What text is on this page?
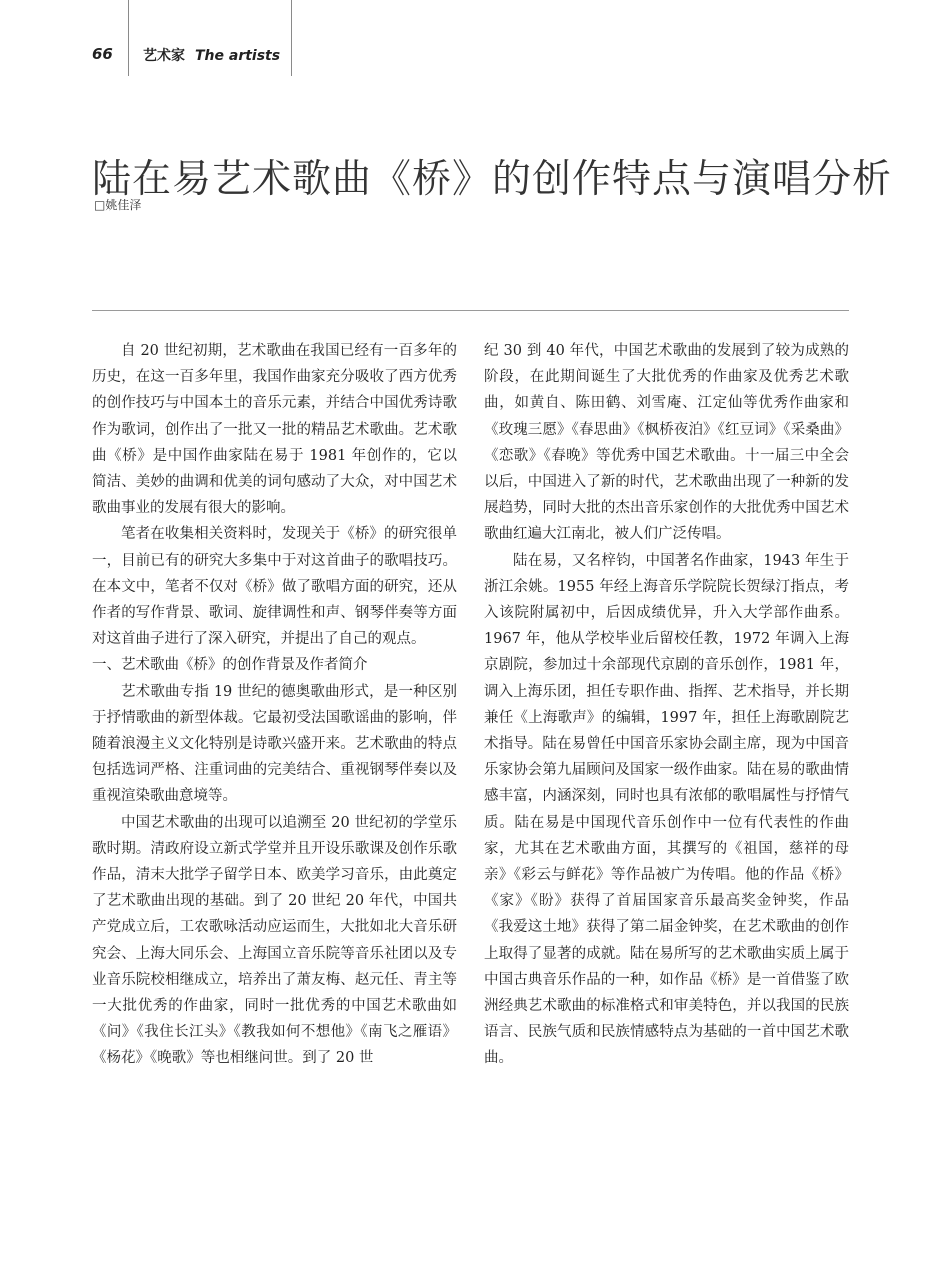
66 艺术家 The artists
陆在易艺术歌曲《桥》的创作特点与演唱分析
□姚佳泽

自 20 世纪初期，艺术歌曲在我国已经有一百多年的历史，在这一百多年里，我国作曲家充分吸收了西方优秀的创作技巧与中国本土的音乐元素，并结合中国优秀诗歌作为歌词，创作出了一批又一批的精品艺术歌曲。艺术歌曲《桥》是中国作曲家陆在易于 1981 年创作的，它以简洁、美妙的曲调和优美的词句感动了大众，对中国艺术歌曲事业的发展有很大的影响。

笔者在收集相关资料时，发现关于《桥》的研究很单一，目前已有的研究大多集中于对这首曲子的歌唱技巧。在本文中，笔者不仅对《桥》做了歌唱方面的研究，还从作者的写作背景、歌词、旋律调性和声、钢琴伴奏等方面对这首曲子进行了深入研究，并提出了自己的观点。

一、艺术歌曲《桥》的创作背景及作者简介

艺术歌曲专指 19 世纪的德奥歌曲形式，是一种区别于抒情歌曲的新型体裁。它最初受法国歌谣曲的影响，伴随着浪漫主义文化特别是诗歌兴盛开来。艺术歌曲的特点包括选词严格、注重词曲的完美结合、重视钢琴伴奏以及重视渲染歌曲意境等。

中国艺术歌曲的出现可以追溯至 20 世纪初的学堂乐歌时期。清政府设立新式学堂并且开设乐歌课及创作乐歌作品，清末大批学子留学日本、欧美学习音乐，由此奠定了艺术歌曲出现的基础。到了 20 世纪 20 年代，中国共产党成立后，工农歌咏活动应运而生，大批如北大音乐研究会、上海大同乐会、上海国立音乐院等音乐社团以及专业音乐院校相继成立，培养出了萧友梅、赵元任、青主等一大批优秀的作曲家，同时一批优秀的中国艺术歌曲如《问》《我住长江头》《教我如何不想他》《南飞之雁语》《杨花》《晚歌》等也相继问世。到了 20 世

纪 30 到 40 年代，中国艺术歌曲的发展到了较为成熟的阶段，在此期间诞生了大批优秀的作曲家及优秀艺术歌曲，如黄自、陈田鹤、刘雪庵、江定仙等优秀作曲家和《玫瑰三愿》《春思曲》《枫桥夜泊》《红豆词》《采桑曲》《恋歌》《春晚》等优秀中国艺术歌曲。十一届三中全会以后，中国进入了新的时代，艺术歌曲出现了一种新的发展趋势，同时大批的杰出音乐家创作的大批优秀中国艺术歌曲红遍大江南北，被人们广泛传唱。

陆在易，又名梓钧，中国著名作曲家，1943 年生于浙江余姚。1955 年经上海音乐学院院长贺绿汀指点，考入该院附属初中，后因成绩优异，升入大学部作曲系。1967 年，他从学校毕业后留校任教，1972 年调入上海京剧院，参加过十余部现代京剧的音乐创作，1981 年，调入上海乐团，担任专职作曲、指挥、艺术指导，并长期兼任《上海歌声》的编辑，1997 年，担任上海歌剧院艺术指导。陆在易曾任中国音乐家协会副主席，现为中国音乐家协会第九届顾问及国家一级作曲家。陆在易的歌曲情感丰富，内涵深刻，同时也具有浓郁的歌唱属性与抒情气质。陆在易是中国现代音乐创作中一位有代表性的作曲家，尤其在艺术歌曲方面，其撰写的《祖国，慈祥的母亲》《彩云与鲜花》等作品被广为传唱。他的作品《桥》《家》《盼》获得了首届国家音乐最高奖金钟奖，作品《我爱这土地》获得了第二届金钟奖，在艺术歌曲的创作上取得了显著的成就。陆在易所写的艺术歌曲实质上属于中国古典音乐作品的一种，如作品《桥》是一首借鉴了欧洲经典艺术歌曲的标准格式和审美特色，并以我国的民族语言、民族气质和民族情感特点为基础的一首中国艺术歌曲。
